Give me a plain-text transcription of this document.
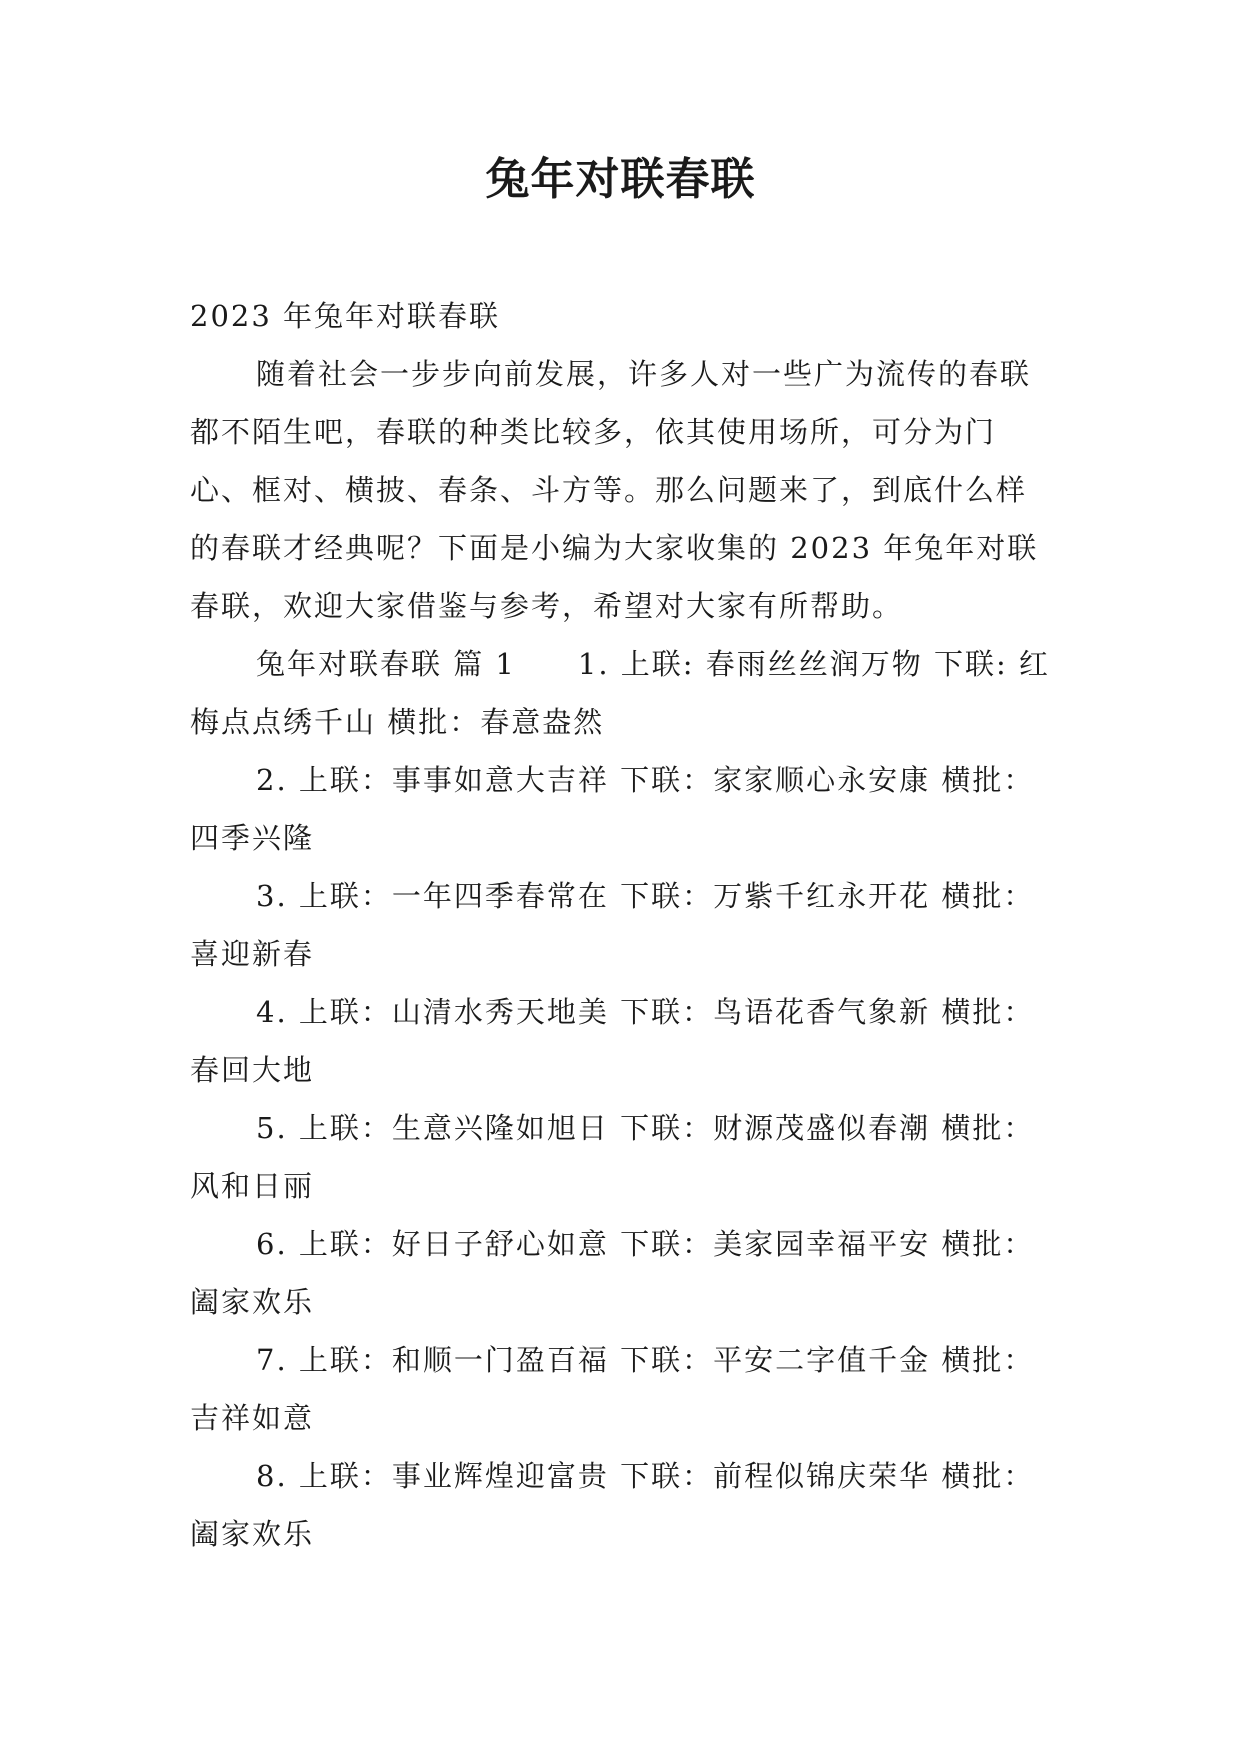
兔年对联春联

2023 年兔年对联春联

随着社会一步步向前发展，许多人对一些广为流传的春联都不陌生吧，春联的种类比较多，依其使用场所，可分为门心、框对、横披、春条、斗方等。那么问题来了，到底什么样的春联才经典呢？下面是小编为大家收集的 2023 年兔年对联春联，欢迎大家借鉴与参考，希望对大家有所帮助。

兔年对联春联 篇 1　　1. 上联: 春雨丝丝润万物 下联: 红梅点点绣千山 横批：春意盎然

2. 上联：事事如意大吉祥 下联：家家顺心永安康 横批：四季兴隆

3. 上联：一年四季春常在 下联：万紫千红永开花 横批：喜迎新春

4. 上联：山清水秀天地美 下联：鸟语花香气象新 横批：春回大地

5. 上联：生意兴隆如旭日 下联：财源茂盛似春潮 横批：风和日丽

6. 上联：好日子舒心如意 下联：美家园幸福平安 横批：阖家欢乐

7. 上联：和顺一门盈百福 下联：平安二字值千金 横批：吉祥如意

8. 上联：事业辉煌迎富贵 下联：前程似锦庆荣华 横批：阖家欢乐
